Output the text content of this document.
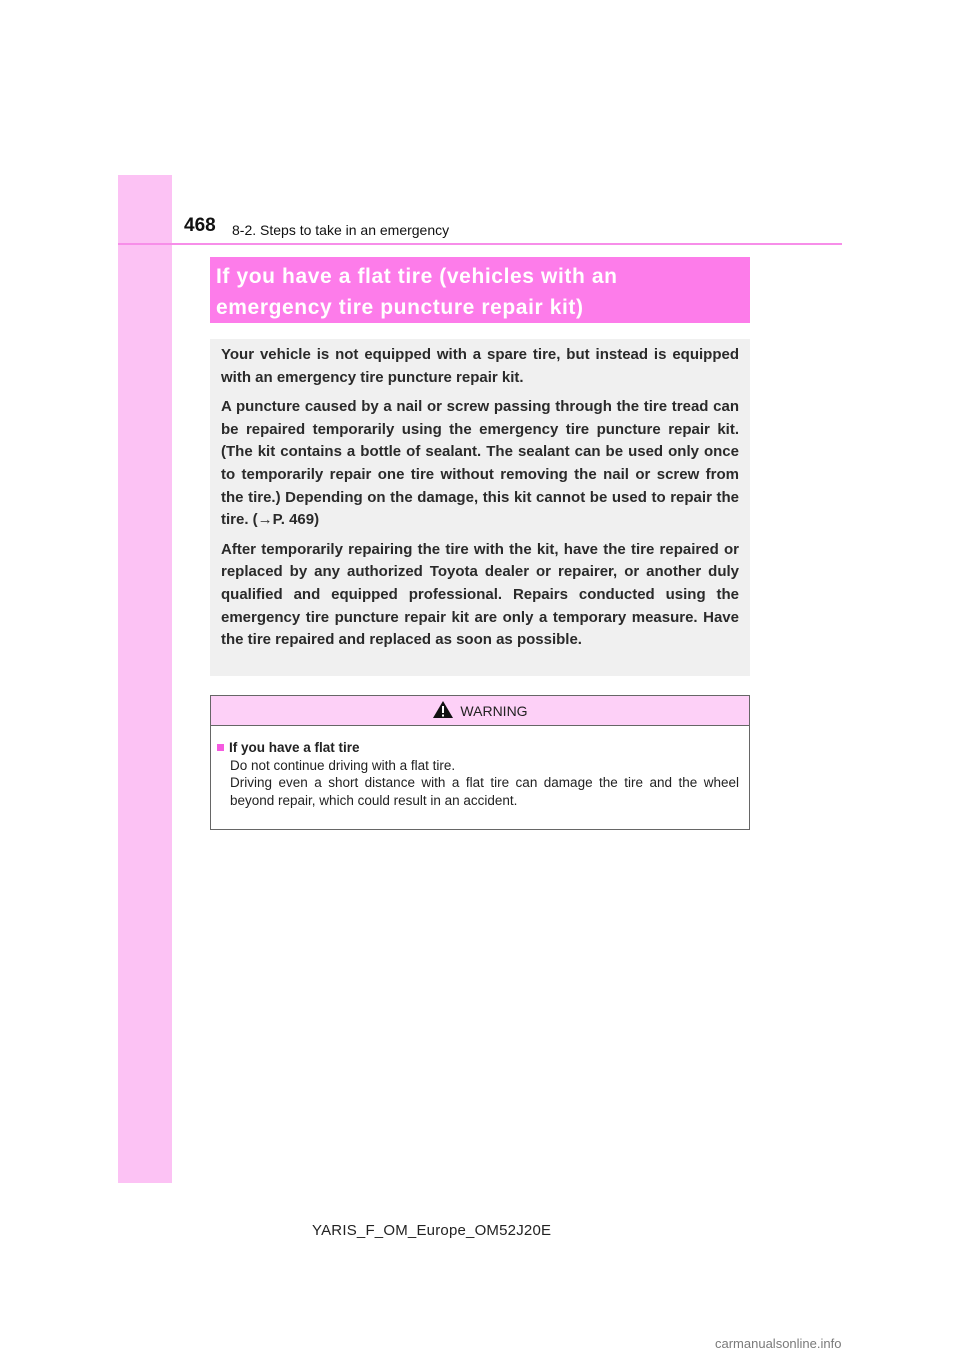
468 8-2. Steps to take in an emergency
If you have a flat tire (vehicles with an
emergency tire puncture repair kit)

Your vehicle is not equipped with a spare tire, but instead is equipped with an emergency tire puncture repair kit.

A puncture caused by a nail or screw passing through the tire tread can be repaired temporarily using the emergency tire puncture repair kit. (The kit contains a bottle of sealant. The sealant can be used only once to temporarily repair one tire without removing the nail or screw from the tire.) Depending on the damage, this kit cannot be used to repair the tire. (→P. 469)

After temporarily repairing the tire with the kit, have the tire repaired or replaced by any authorized Toyota dealer or repairer, or another duly qualified and equipped professional. Repairs conducted using the emergency tire puncture repair kit are only a temporary measure. Have the tire repaired and replaced as soon as possible.

WARNING
If you have a flat tire

Do not continue driving with a flat tire.

Driving even a short distance with a flat tire can damage the tire and the wheel beyond repair, which could result in an accident.

YARIS_F_OM_Europe_OM52J20E
carmanualsonline.info
